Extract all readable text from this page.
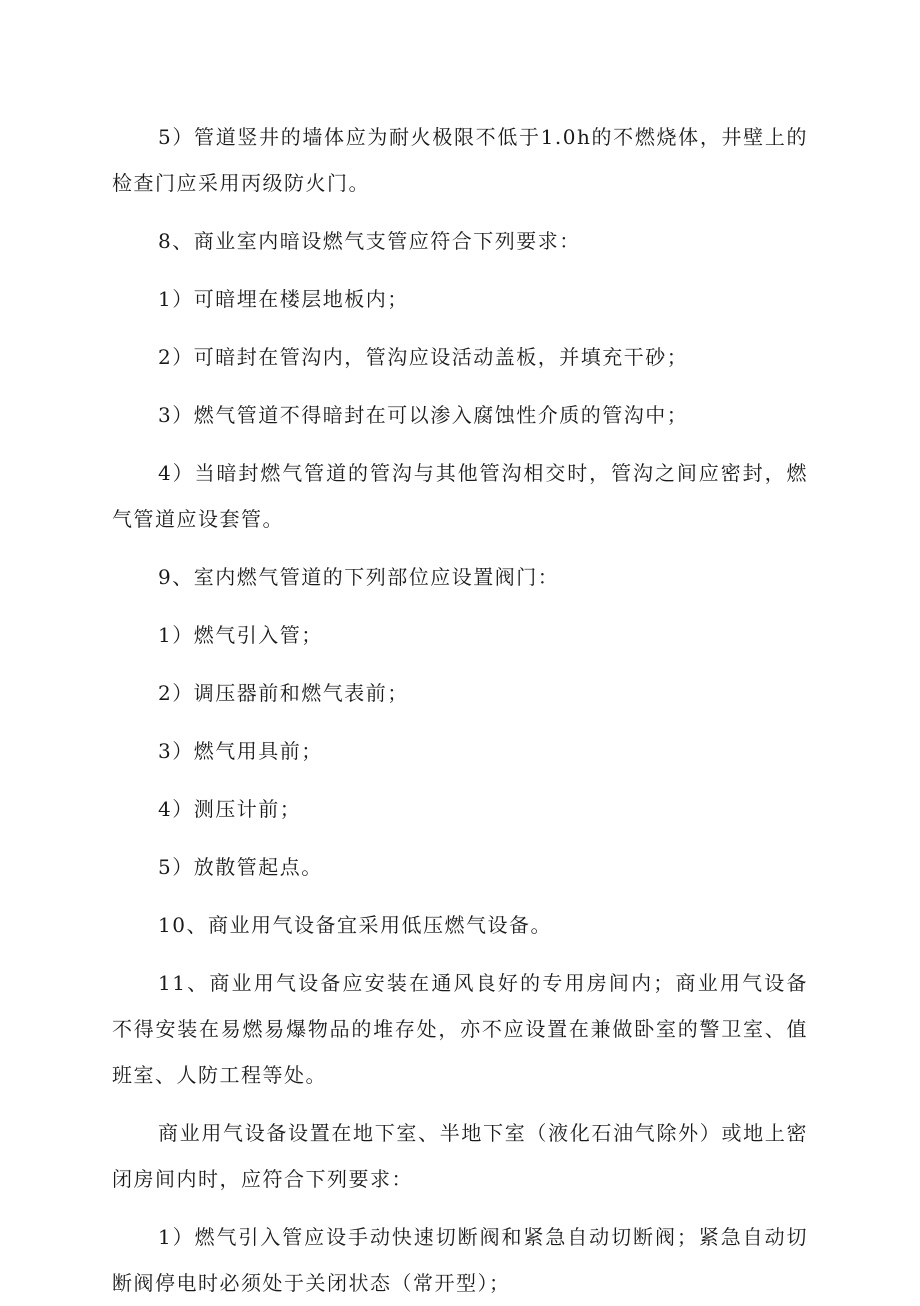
5）管道竖井的墙体应为耐火极限不低于1.0h的不燃烧体，井壁上的检查门应采用丙级防火门。

8、商业室内暗设燃气支管应符合下列要求：

1）可暗埋在楼层地板内；

2）可暗封在管沟内，管沟应设活动盖板，并填充干砂；

3）燃气管道不得暗封在可以渗入腐蚀性介质的管沟中；

4）当暗封燃气管道的管沟与其他管沟相交时，管沟之间应密封，燃气管道应设套管。

9、室内燃气管道的下列部位应设置阀门：

1）燃气引入管；

2）调压器前和燃气表前；

3）燃气用具前；

4）测压计前；

5）放散管起点。

10、商业用气设备宜采用低压燃气设备。

11、商业用气设备应安装在通风良好的专用房间内；商业用气设备不得安装在易燃易爆物品的堆存处，亦不应设置在兼做卧室的警卫室、值班室、人防工程等处。

商业用气设备设置在地下室、半地下室（液化石油气除外）或地上密闭房间内时，应符合下列要求：

1）燃气引入管应设手动快速切断阀和紧急自动切断阀；紧急自动切断阀停电时必须处于关闭状态（常开型）；
